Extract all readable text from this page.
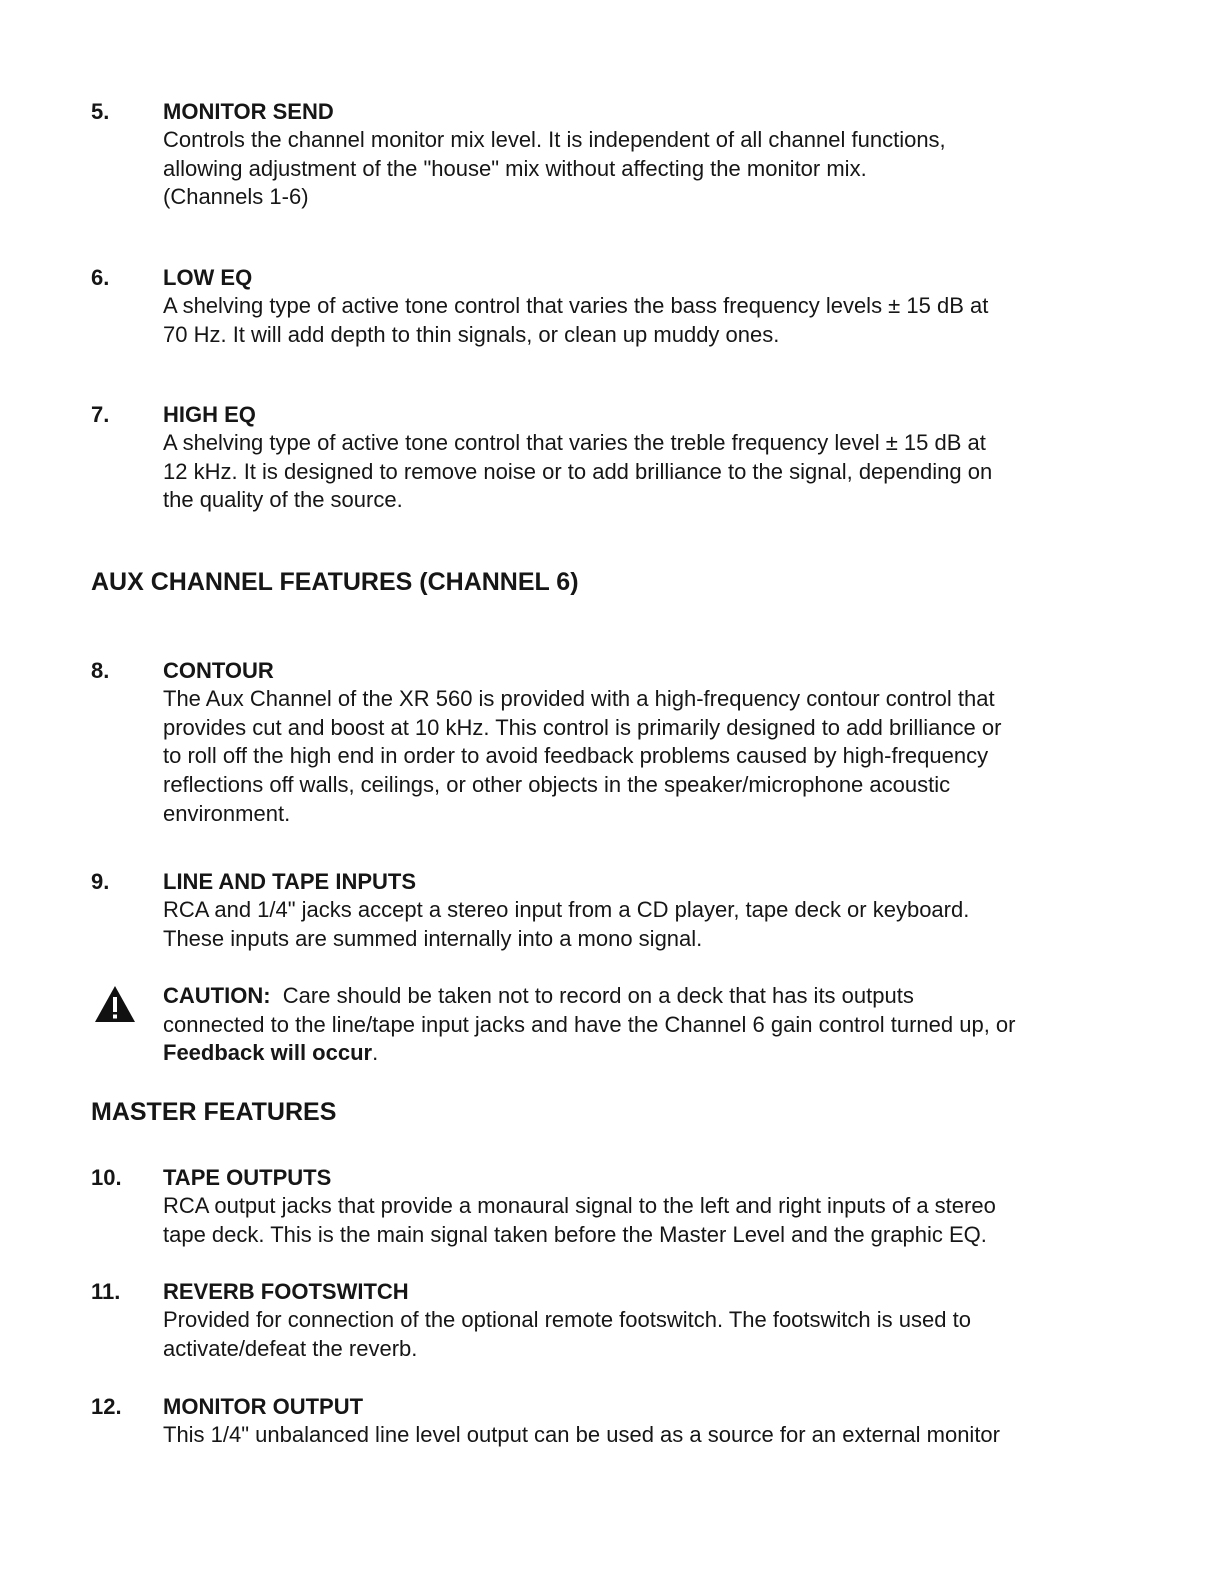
5. MONITOR SEND
Controls the channel monitor mix level. It is independent of all channel functions,
allowing adjustment of the "house" mix without affecting the monitor mix.
(Channels 1-6)
6. LOW EQ
A shelving type of active tone control that varies the bass frequency levels ± 15 dB at
70 Hz. It will add depth to thin signals, or clean up muddy ones.
7. HIGH EQ
A shelving type of active tone control that varies the treble frequency level ± 15 dB at
12 kHz. It is designed to remove noise or to add brilliance to the signal, depending on
the quality of the source.
AUX CHANNEL FEATURES (CHANNEL 6)
8. CONTOUR
The Aux Channel of the XR 560 is provided with a high-frequency contour control that
provides cut and boost at 10 kHz. This control is primarily designed to add brilliance or
to roll off the high end in order to avoid feedback problems caused by high-frequency
reflections off walls, ceilings, or other objects in the speaker/microphone acoustic
environment.
9. LINE AND TAPE INPUTS
RCA and 1/4" jacks accept a stereo input from a CD player, tape deck or keyboard.
These inputs are summed internally into a mono signal.
CAUTION:  Care should be taken not to record on a deck that has its outputs
connected to the line/tape input jacks and have the Channel 6 gain control turned up, or
Feedback will occur.
MASTER FEATURES
10. TAPE OUTPUTS
RCA output jacks that provide a monaural signal to the left and right inputs of a stereo
tape deck. This is the main signal taken before the Master Level and the graphic EQ.
11. REVERB FOOTSWITCH
Provided for connection of the optional remote footswitch. The footswitch is used to
activate/defeat the reverb.
12. MONITOR OUTPUT
This 1/4" unbalanced line level output can be used as a source for an external monitor
